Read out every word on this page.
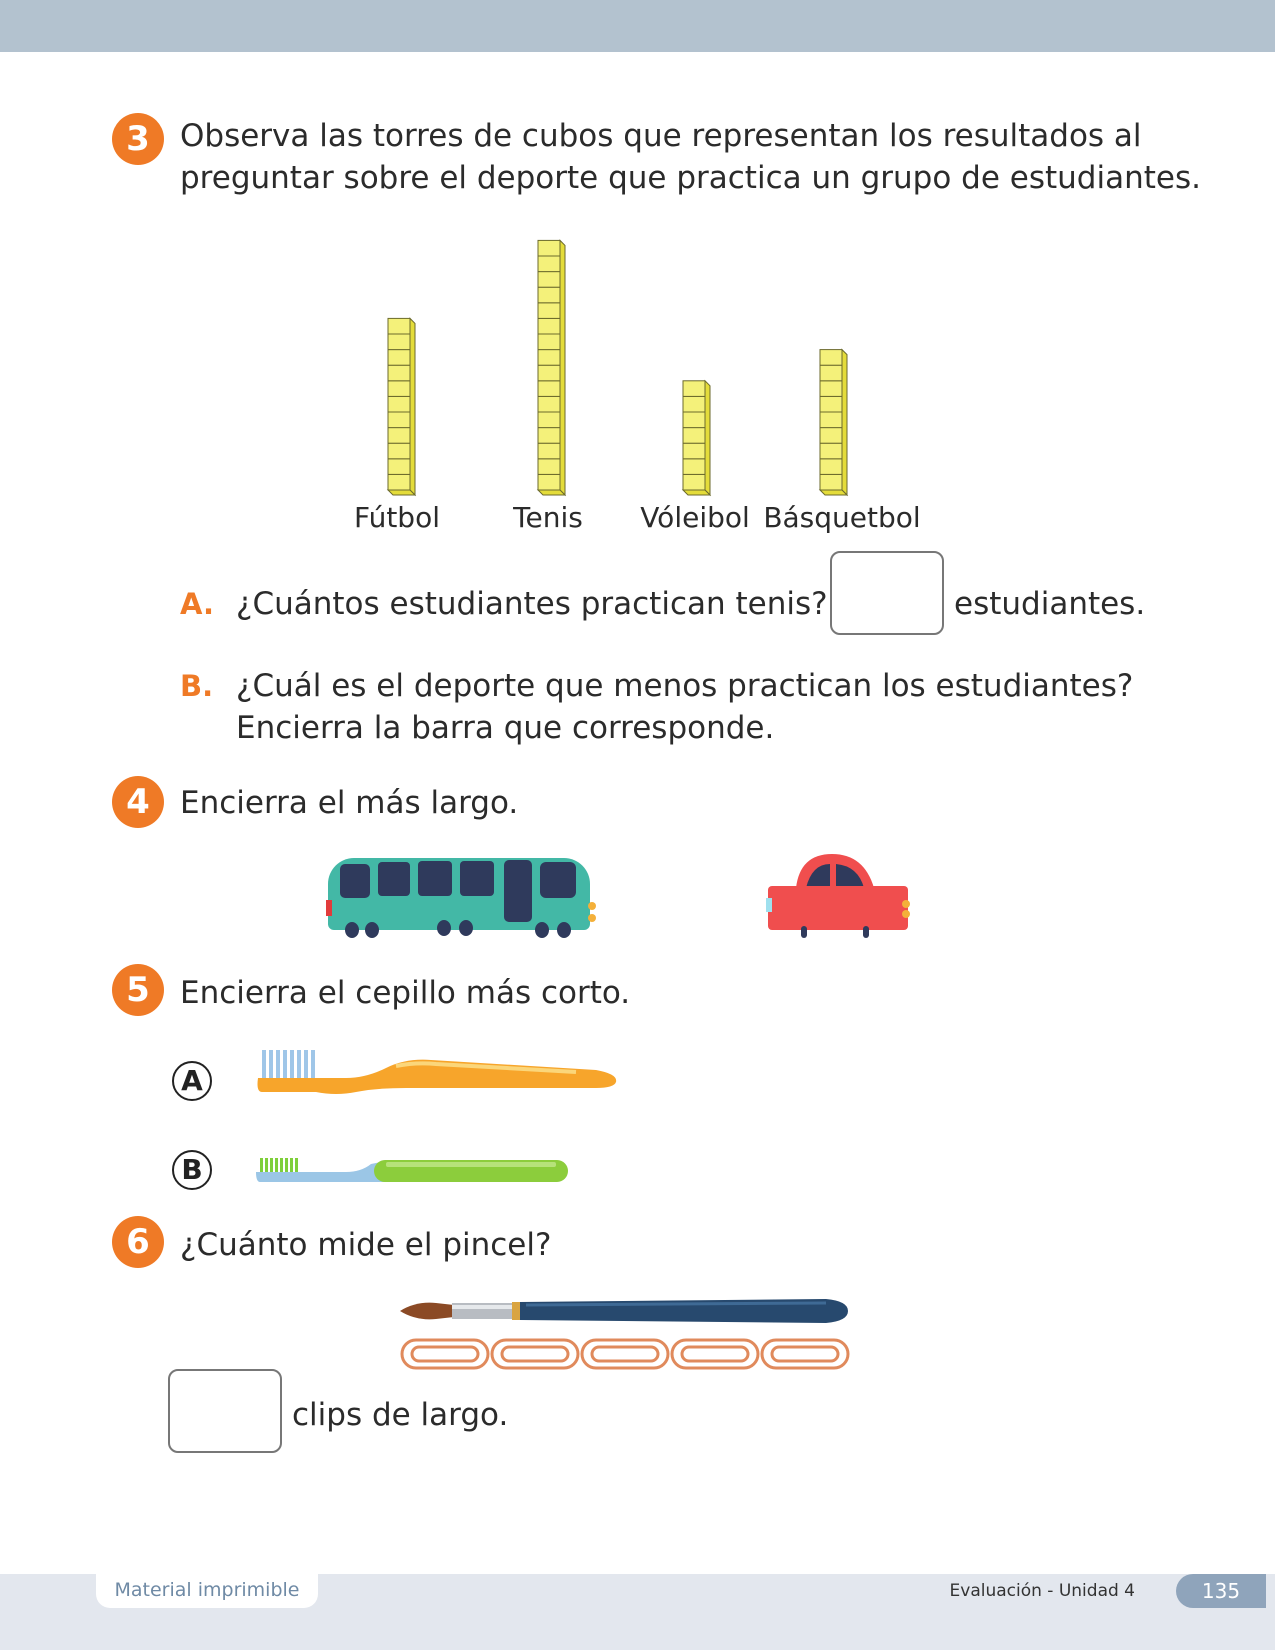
3 Observa las torres de cubos que representan los resultados al
preguntar sobre el deporte que practica un grupo de estudiantes.
Fútbol	Tenis	Vóleibol Básquetbol
A. ¿Cuántos estudiantes practican tenis?	estudiantes.
B. ¿Cuál es el deporte que menos practican los estudiantes?
Encierra la barra que corresponde.
4 Encierra el más largo.
5 Encierra el cepillo más corto.
A
B
6 ¿Cuánto mide el pincel?
clips de largo.
Material imprimible	Evaluación - Unidad 4	135
